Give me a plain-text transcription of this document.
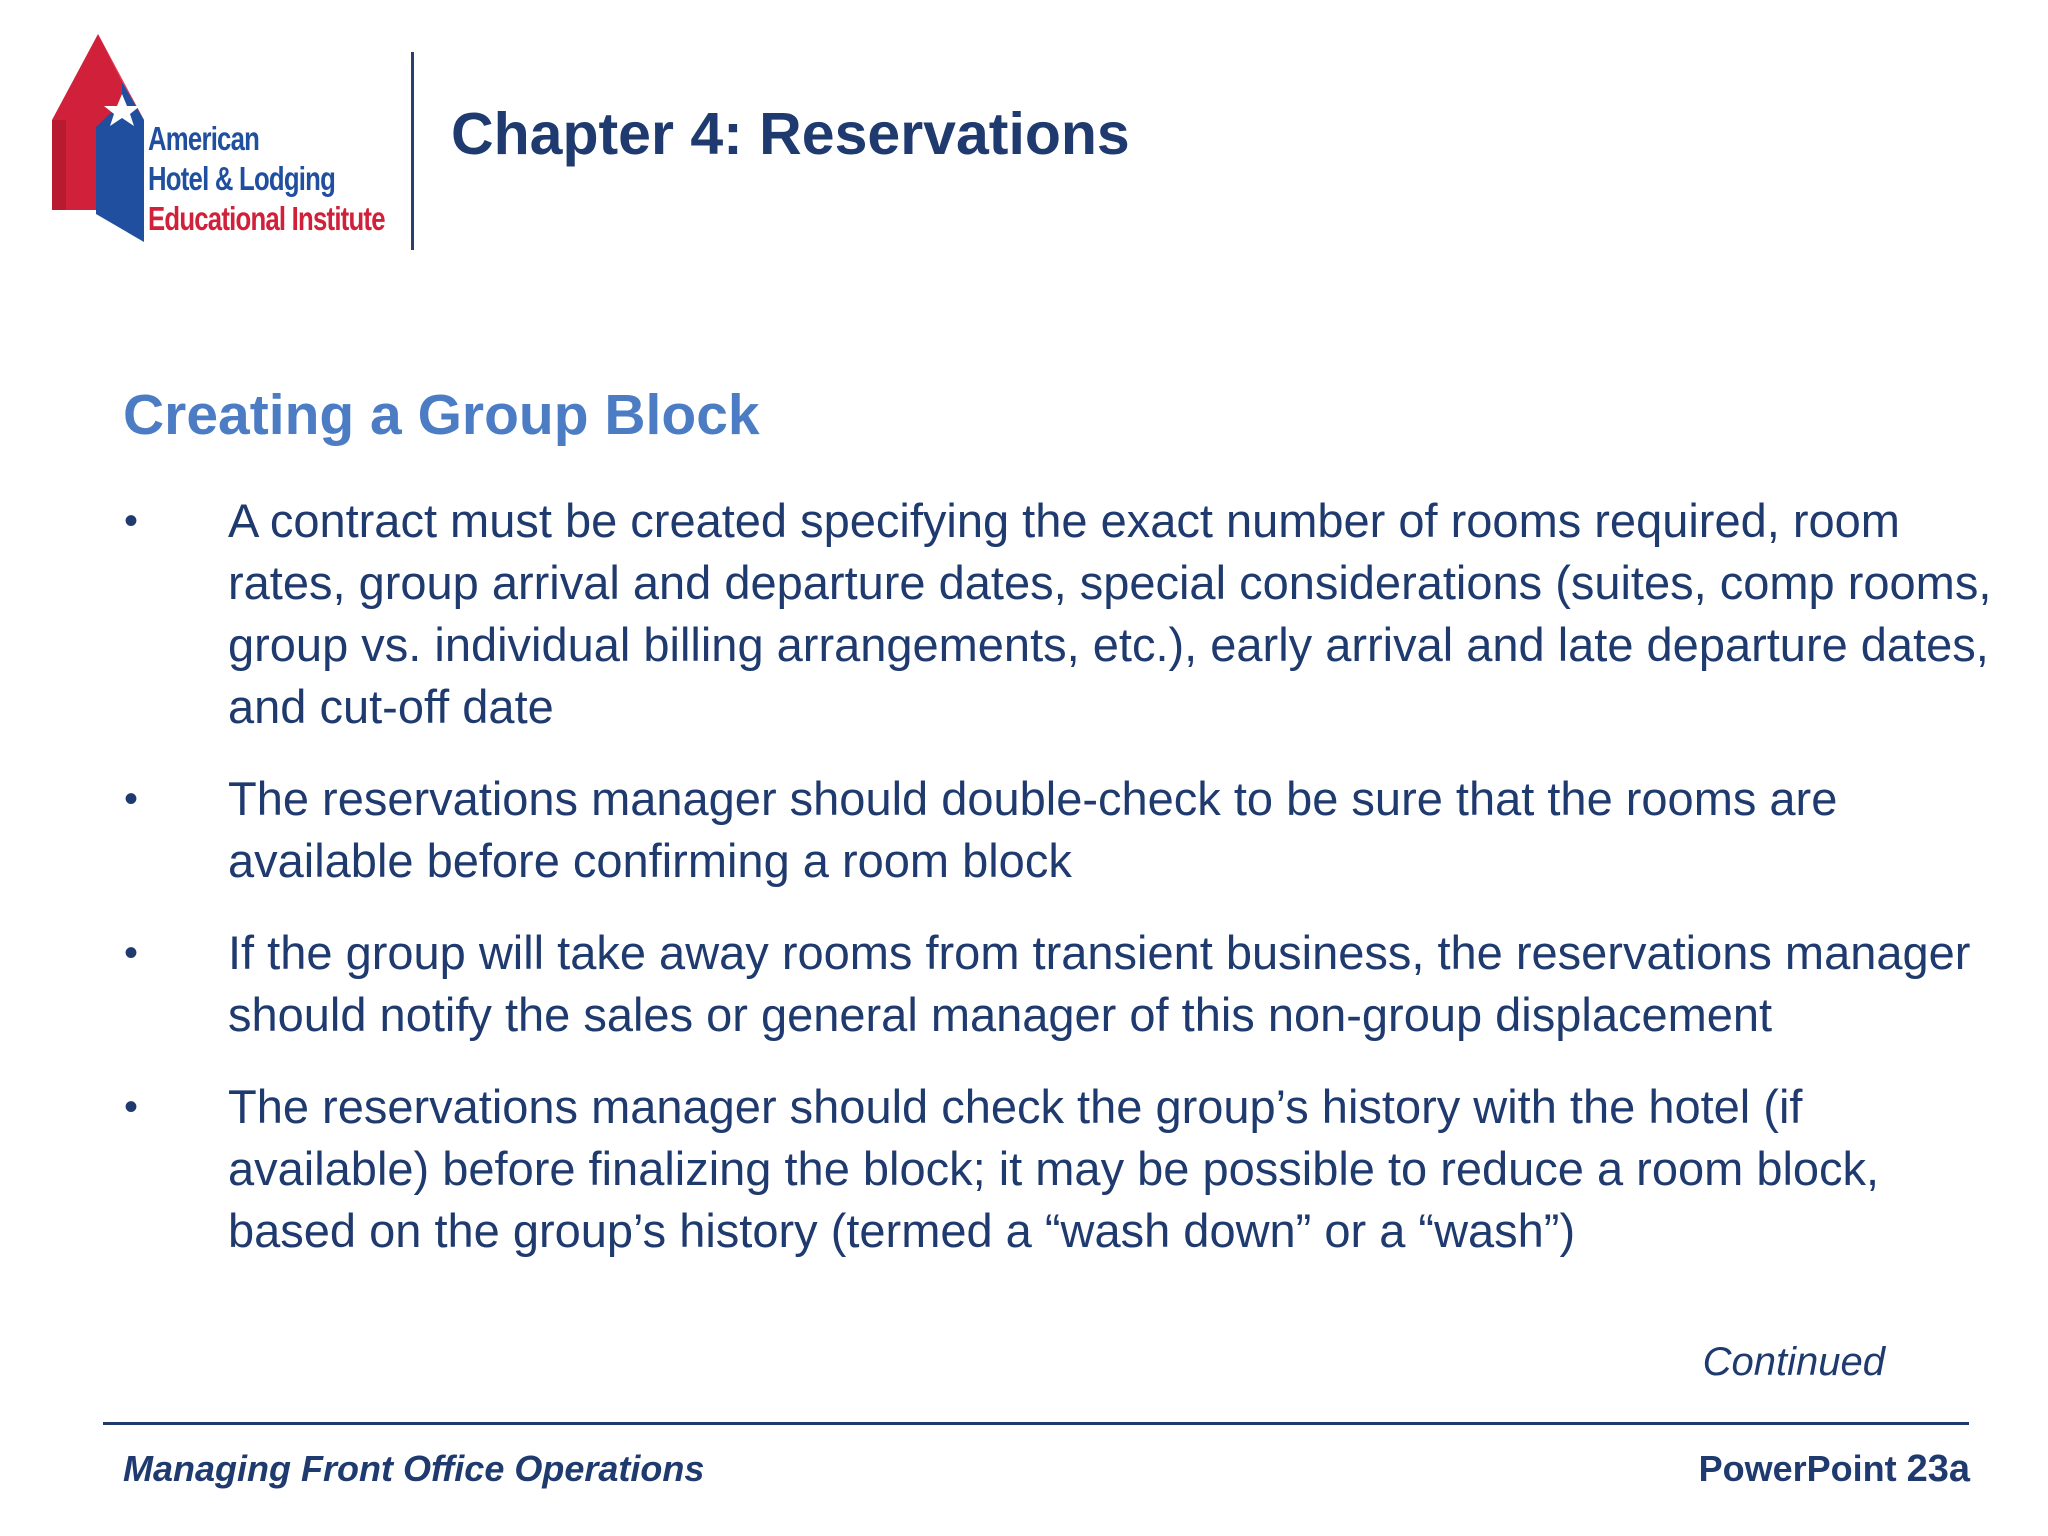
American
Hotel & Lodging
Educational Institute
Chapter 4: Reservations
Creating a Group Block
• A contract must be created specifying the exact number of rooms required, room rates, group arrival and departure dates, special considerations (suites, comp rooms, group vs. individual billing arrangements, etc.), early arrival and late departure dates, and cut-off date
• The reservations manager should double-check to be sure that the rooms are available before confirming a room block
• If the group will take away rooms from transient business, the reservations manager should notify the sales or general manager of this non-group displacement
• The reservations manager should check the group’s history with the hotel (if available) before finalizing the block; it may be possible to reduce a room block, based on the group’s history (termed a “wash down” or a “wash”)
Continued
Managing Front Office Operations	PowerPoint 23a
